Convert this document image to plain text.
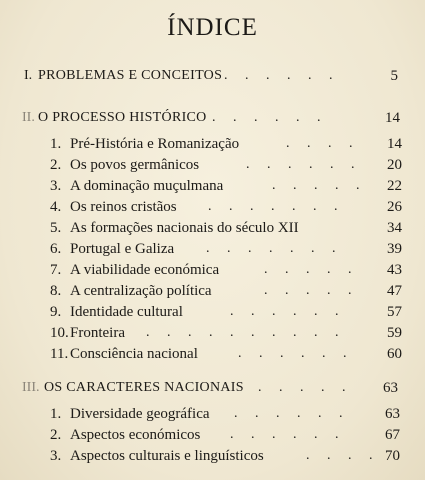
ÍNDICE
I. PROBLEMAS E CONCEITOS . . . . . .	5
II. O PROCESSO HISTÓRICO . . . . . .	14
1. Pré-História e Romanização	. . . . 14
2. Os povos germânicos	. . . . . . 20
3. A dominação muçulmana	. . . . . 22
4. Os reinos cristãos . . . . . . .	26
5. As formações nacionais do século XII	34
6. Portugal e Galiza . . . . . . .	39
7. A viabilidade económica	. . . . . 43
8. A centralização política	. . . . . 47
9. Identidade cultural	. . . . . .	57
10. Fronteira . . . . . . . . . .	59
11. Consciência nacional	. . . . . . 60
III. OS CARACTERES NACIONAIS . . . . . 63
1. Diversidade geográfica . . . . . . 63
2. Aspectos económicos . . . . . .	67
3. Aspectos culturais e linguísticos	. . . . 70
